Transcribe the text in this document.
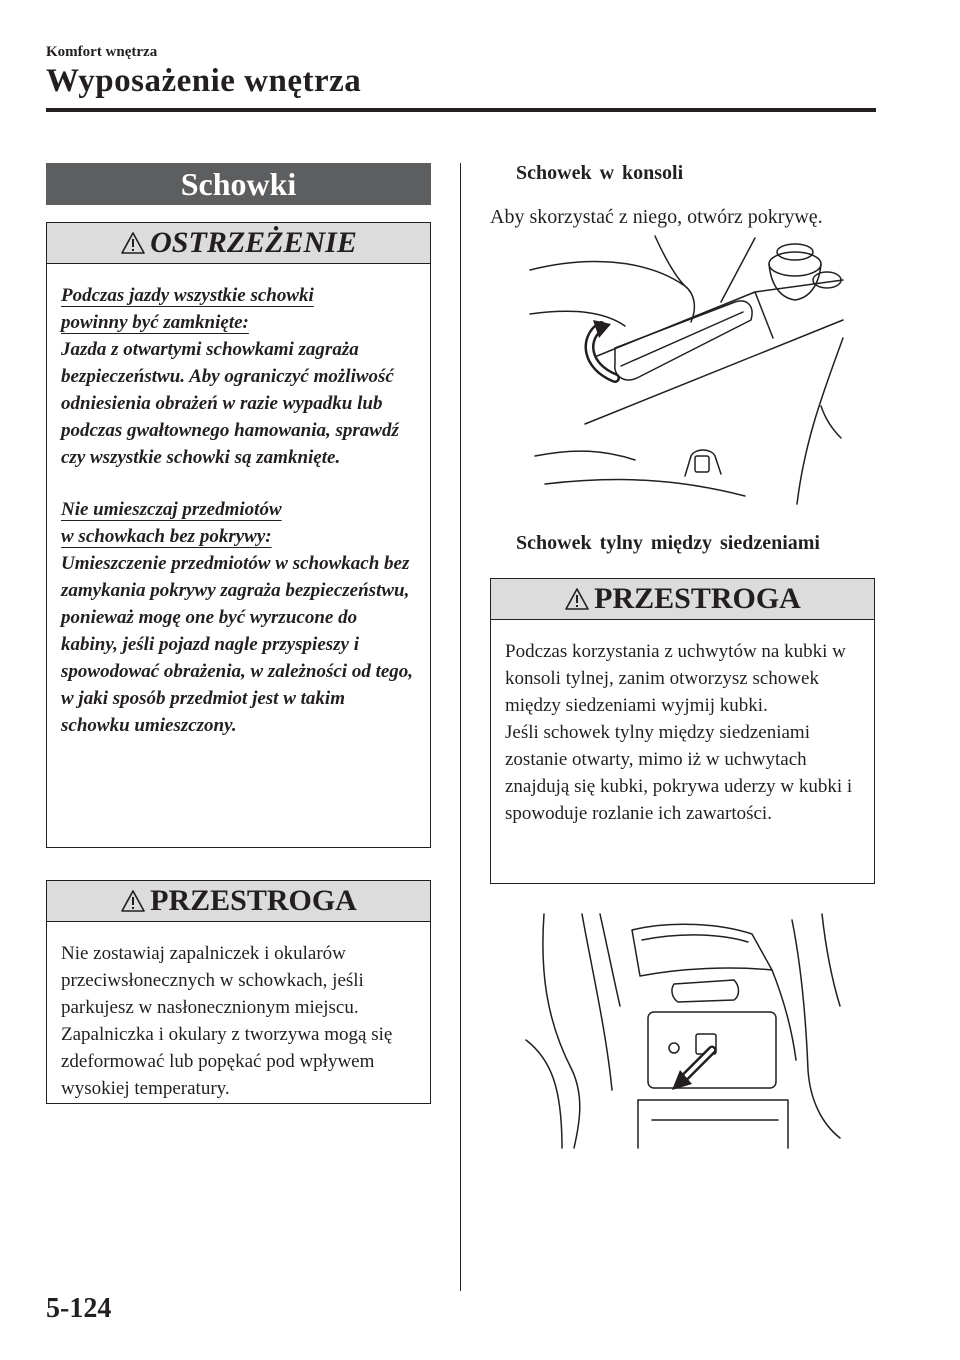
Komfort wnętrza
Wyposażenie wnętrza
Schowki
OSTRZEŻENIE
Podczas jazdy wszystkie schowki
powinny być zamknięte:
Jazda z otwartymi schowkami zagraża bezpieczeństwu. Aby ograniczyć możliwość odniesienia obrażeń w razie wypadku lub podczas gwałtownego hamowania, sprawdź czy wszystkie schowki są zamknięte.
Nie umieszczaj przedmiotów
w schowkach bez pokrywy:
Umieszczenie przedmiotów w schowkach bez zamykania pokrywy zagraża bezpieczeństwu, ponieważ mogę one być wyrzucone do kabiny, jeśli pojazd nagle przyspieszy i spowodować obrażenia, w zależności od tego, w jaki sposób przedmiot jest w takim schowku umieszczony.
PRZESTROGA

Nie zostawiaj zapalniczek i okularów przeciwsłonecznych w schowkach, jeśli parkujesz w nasłonecznionym miejscu. Zapalniczka i okulary z tworzywa mogą się zdeformować lub popękać pod wpływem wysokiej temperatury.

Schowek w konsoli
Aby skorzystać z niego, otwórz pokrywę.
Schowek tylny między siedzeniami
PRZESTROGA

Podczas korzystania z uchwytów na kubki w konsoli tylnej, zanim otworzysz schowek między siedzeniami wyjmij kubki.

Jeśli schowek tylny między siedzeniami zostanie otwarty, mimo iż w uchwytach znajdują się kubki, pokrywa uderzy w kubki i spowoduje rozlanie ich zawartości.

5-124
